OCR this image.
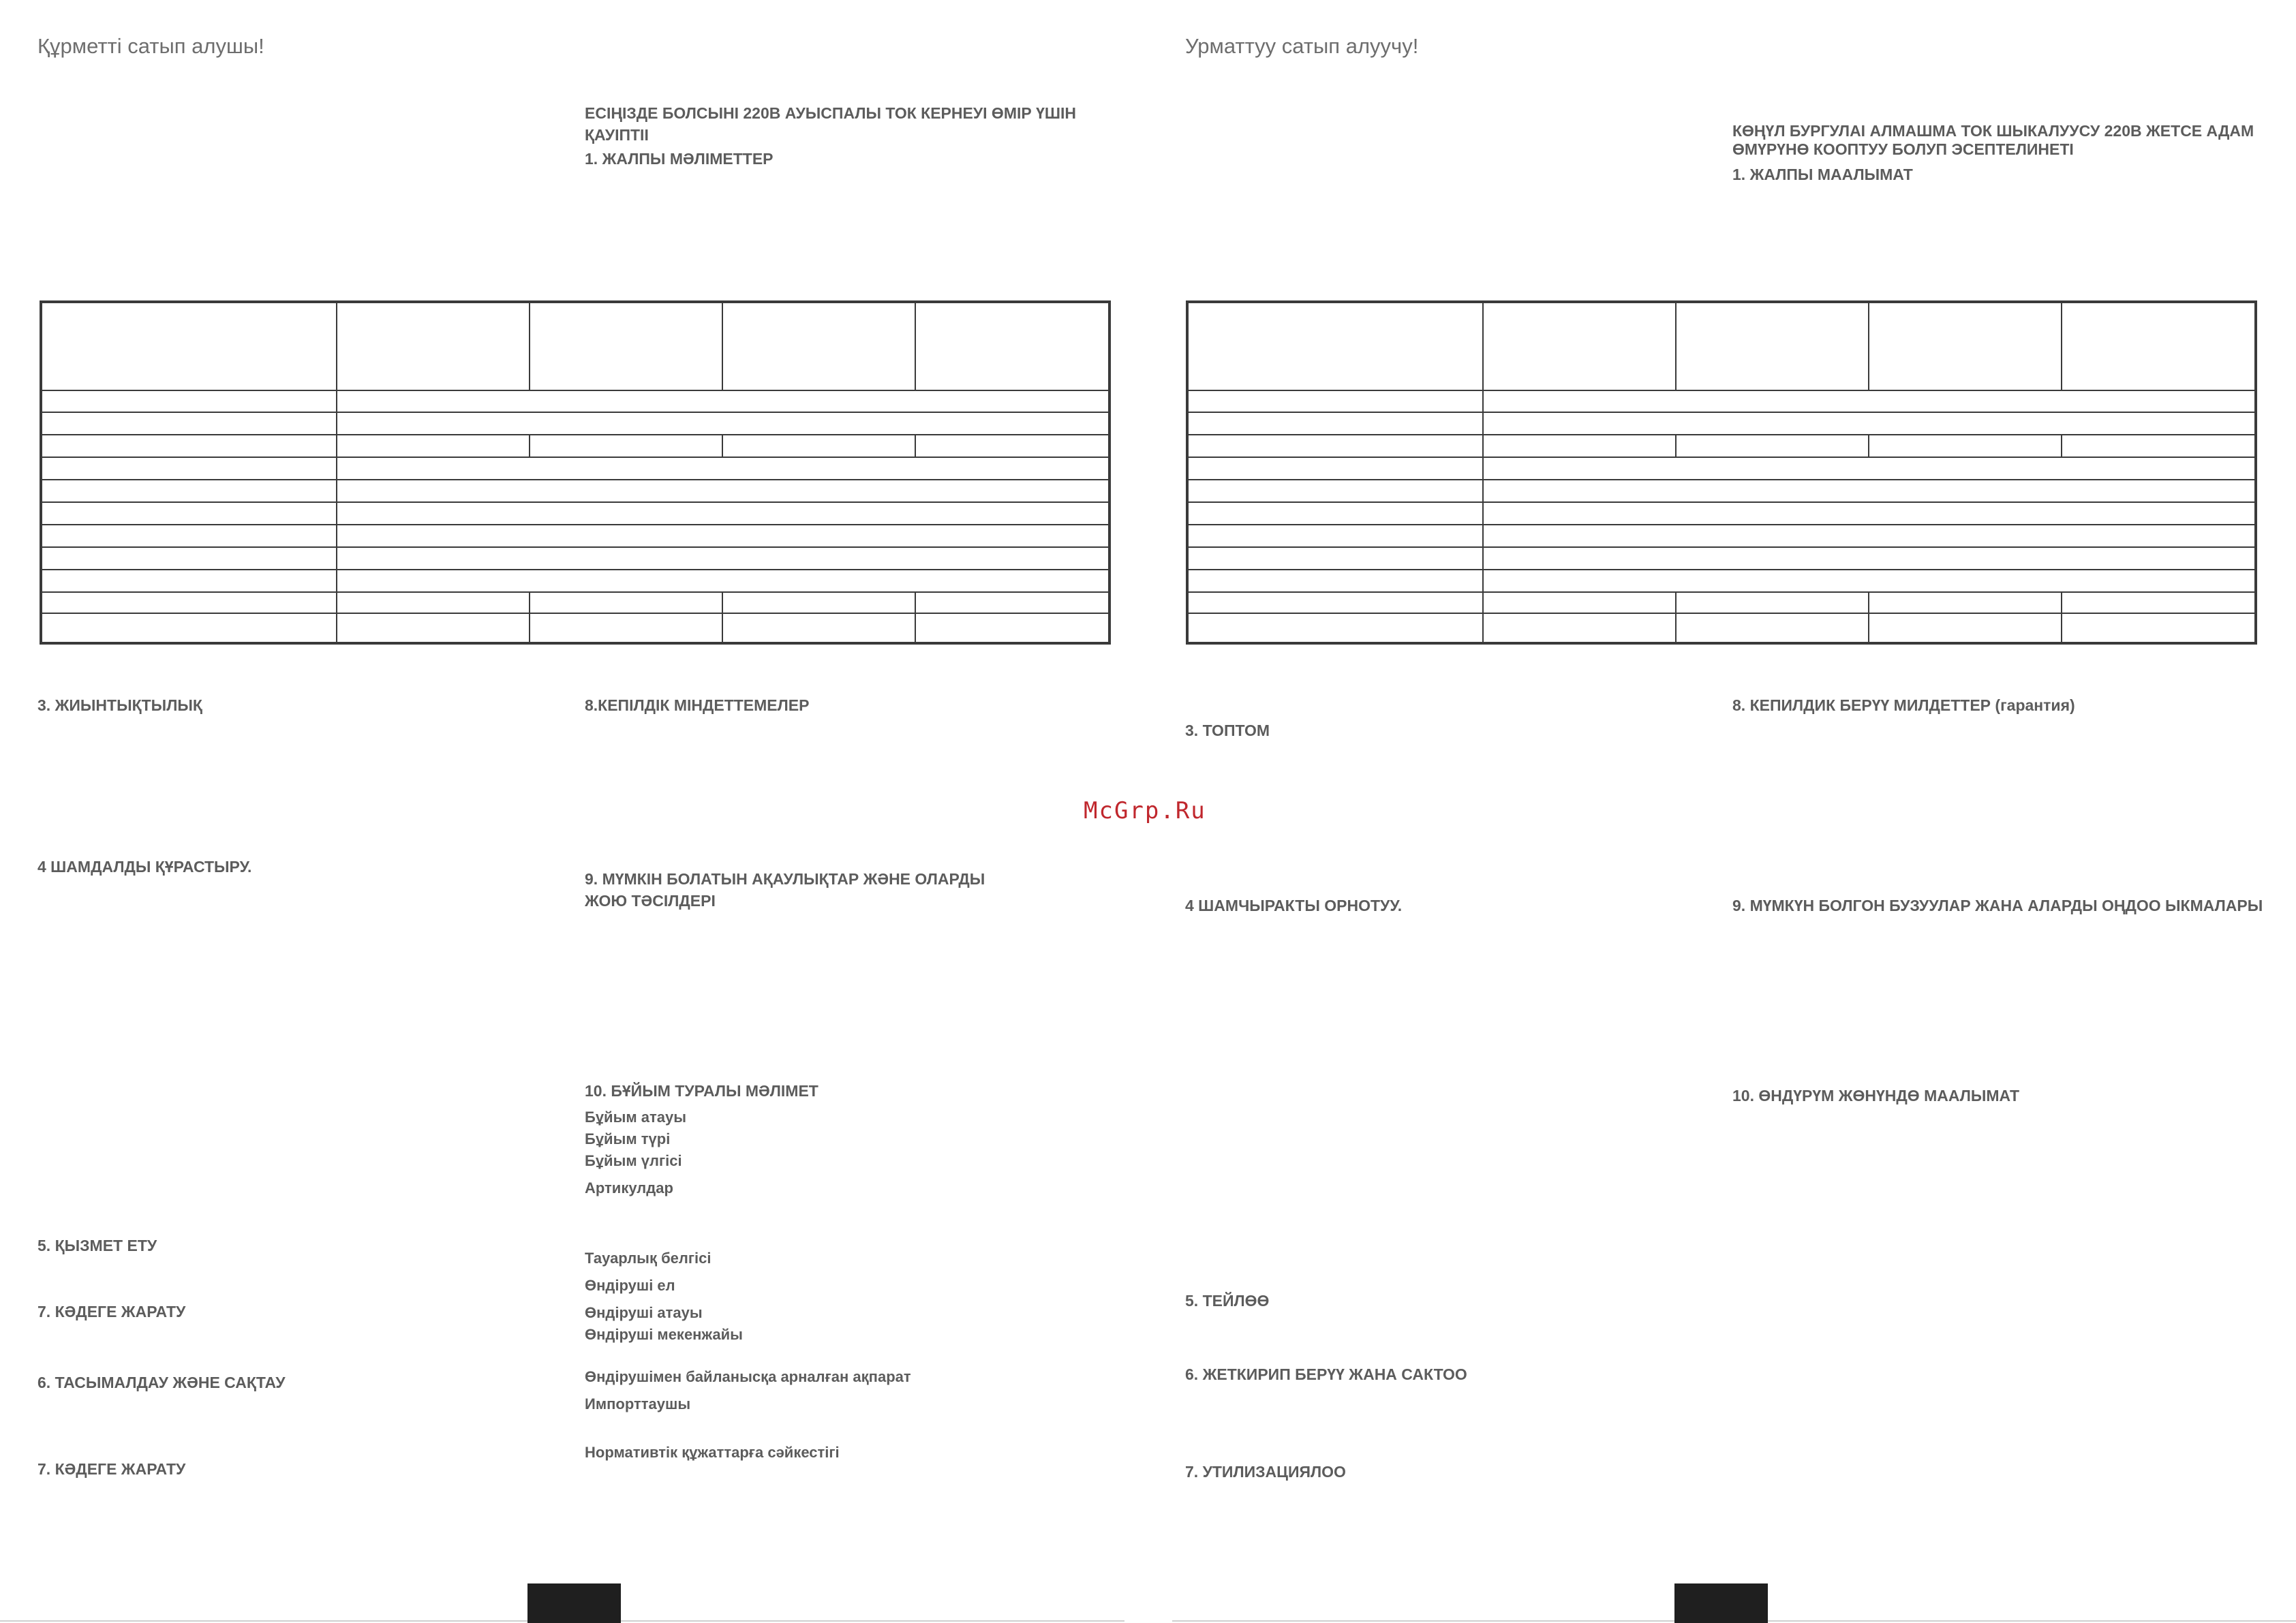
Құрметті сатып алушы!

ЕСІҢІЗДЕ БОЛСЫНІ 220В АУЫСПАЛЫ ТОК КЕРНЕУІ ӨМІР ҮШІН

ҚАУІПТІІ

1. ЖАЛПЫ МӘЛІМЕТТЕР

3. ЖИЫНТЫҚТЫЛЫҚ

4 ШАМДАЛДЫ ҚҰРАСТЫРУ.

5. ҚЫЗМЕТ ЕТУ

7. КӘДЕГЕ ЖАРАТУ

6. ТАСЫМАЛДАУ ЖӘНЕ САҚТАУ

7. КӘДЕГЕ ЖАРАТУ

8.КЕПІЛДІК МІНДЕТТЕМЕЛЕР

9. МҮМКІН БОЛАТЫН АҚАУЛЫҚТАР ЖӘНЕ ОЛАРДЫ

ЖОЮ ТӘСІЛДЕРІ

10. БҰЙЫМ ТУРАЛЫ МӘЛІМЕТ

Бұйым атауы

Бұйым түрі

Бұйым үлгісі

Артикулдар

Тауарлық белгісі

Өндіруші ел

Өндіруші атауы

Өндіруші мекенжайы

Өндірушімен байланысқа арналған ақпарат

Импорттаушы

Нормативтік құжаттарға сәйкестігі

McGrp.Ru

Урматтуу сатып алуучу!

КӨҢҮЛ БУРГУЛАІ АЛМАШМА ТОК ШЫКАЛУУСУ 220В ЖЕТСЕ АДАМ

ӨМҮРҮНӨ КООПТУУ БОЛУП ЭСЕПТЕЛИНЕТІ

1. ЖАЛПЫ МААЛЫМАТ

3. ТОПТОМ

4 ШАМЧЫРАКТЫ ОРНОТУУ.

5. ТЕЙЛӨӨ

6. ЖЕТКИРИП БЕРҮҮ ЖАНА САКТОО

7. УТИЛИЗАЦИЯЛОО

8. КЕПИЛДИК БЕРҮҮ МИЛДЕТТЕР (гарантия)

9. МҮМКҮН БОЛГОН БУЗУУЛАР ЖАНА АЛАРДЫ ОҢДОО ЫКМАЛАРЫ

10. ӨНДҮРҮМ ЖӨНҮНДӨ МААЛЫМАТ
